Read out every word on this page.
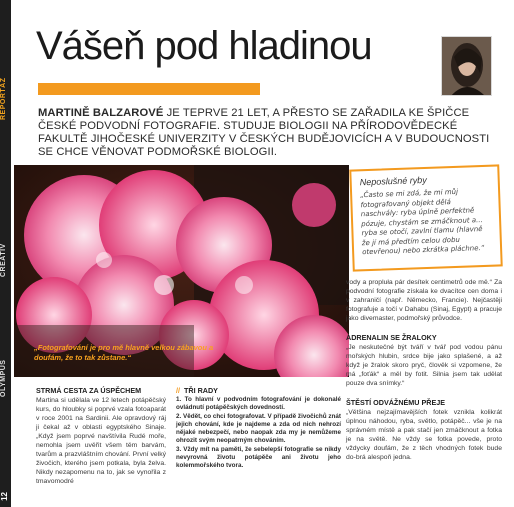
REPORTÁŽ
CREATIV
OLYMPUS
12
Vášeň pod hladinou

MARTINĚ BALZAROVÉ JE TEPRVE 21 LET, A PŘESTO SE ZAŘADILA KE ŠPIČCE ČESKÉ PODVODNÍ FOTOGRAFIE. STUDUJE BIOLOGII NA PŘÍRODOVĚDECKÉ FAKULTĚ JIHOČESKÉ UNIVERZITY V ČESKÝCH BUDĚJOVICÍCH A V BUDOUCNOSTI SE CHCE VĚNOVAT PODMOŘSKÉ BIOLOGII.

„Fotografování je pro mě hlavně velkou zábavou a doufám, že to tak zůstane.“

Neposlušné ryby
„Často se mi zdá, že mi můj fotografovaný objekt dělá naschvály: ryba úplně perfektně pózuje, chystám se zmáčknout a... ryba se otočí, zavlní tlamu (hlavně že jí má předtím celou dobu otevřenou) nebo zkrátka pláchne.“
STRMÁ CESTA ZA ÚSPĚCHEM
Martina si udělala ve 12 letech potápěčský kurs, do hloubky si poprvé vzala fotoaparát v roce 2001 na Sardinii. Ale opravdový ráj ji čekal až v oblasti egyptského Sinaje. „Když jsem poprvé navštívila Rudé moře, nemohla jsem uvěřit všem těm barvám, tvarům a prazvláštním chování. První velký živočich, kterého jsem potkala, byla želva. Nikdy nezapomenu na to, jak se vynořila z tmavomodré
// TŘI RADY
1. To hlavní v podvodním fotografování je dokonalé ovládnutí potápěčských dovedností.
2. Vědět, co chci fotografovat. V případě živočichů znát jejich chování, kde je najdeme a zda od nich nehrozí nějaké nebezpečí, nebo naopak zda my je nemůžeme ohrozit svým neopatrným chováním.
3. Vždy mít na paměti, že sebelepší fotografie se nikdy nevyrovná životu potápěče ani životu jeho kolemmořského tvora.
vody a propluła pár desítek centimetrů ode mě.“ Za podvodní fotografie získala ke dvacítce cen doma i v zahraničí (např. Německo, Francie). Nejčastěji fotografuje a točí v Dahabu (Sinaj, Egypt) a pracuje jako divemaster, podmořský průvodce.
ADRENALIN SE ŽRALOKY
„Je neskutečné být tváří v tvář pod vodou pánu mořských hlubin, srdce bije jako splašené, a až když je žralok skoro pryč, člověk si vzpomene, že má „foťák“ a měl by fotit. Silnia jsem tak udělat pouze dva snímky.“
ŠTĚSTÍ ODVÁŽNÉMU PŘEJE
„Většina nejzajímavějších fotek vznikla kolikrát úplnou náhodou, ryba, světlo, potápěč... vše je na správném místě a pak stačí jen zmáčknout a fotka je na světě. Ne vždy se fotka povede, proto vždycky doufám, že z těch vhodných fotek bude do-brá alespoň jedna.
